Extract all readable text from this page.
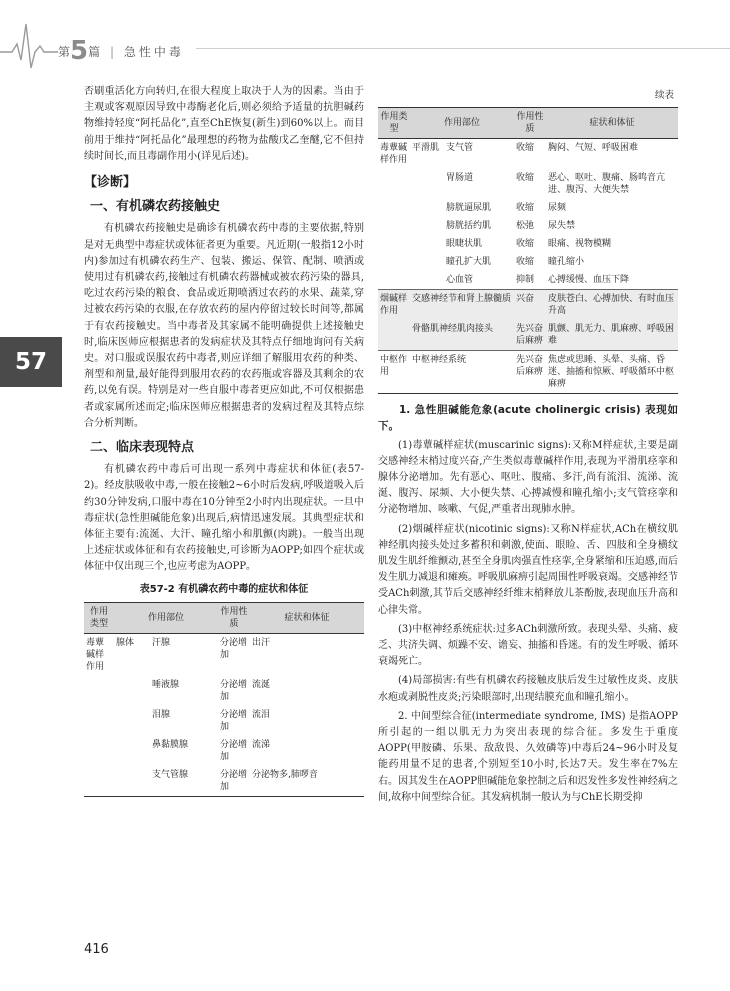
第5篇 | 急性中毒
57

否刷重活化方向转归,在很大程度上取决于人为的因素。当由于主观或客观原因导致中毒酶老化后,则必须给予适量的抗胆碱药物维持轻度“阿托品化”,直至ChE恢复(新生)到60%以上。而目前用于维持“阿托品化”最理想的药物为盐酸戊乙奎醚,它不但持续时间长,而且毒副作用小(详见后述)。

【诊断】
一、有机磷农药接触史

有机磷农药接触史是确诊有机磷农药中毒的主要依据,特别是对无典型中毒症状或体征者更为重要。凡近期(一般指12小时内)参加过有机磷农药生产、包装、搬运、保管、配制、喷洒或使用过有机磷农药,接触过有机磷农药器械或被农药污染的器具,吃过农药污染的粮食、食品或近期喷洒过农药的水果、蔬菜,穿过被农药污染的衣服,在存放农药的屋内停留过较长时间等,都属于有农药接触史。当中毒者及其家属不能明确提供上述接触史时,临床医师应根据患者的发病症状及其特点仔细地询问有关病史。对口服或误服农药中毒者,则应详细了解服用农药的种类、剂型和剂量,最好能得到服用农药的农药瓶或容器及其剩余的农药,以免有误。特别是对一些自服中毒者更应如此,不可仅根据患者或家属所述而定;临床医师应根据患者的发病过程及其特点综合分析判断。

二、临床表现特点

有机磷农药中毒后可出现一系列中毒症状和体征(表57-2)。经皮肤吸收中毒,一般在接触2~6小时后发病,呼吸道吸入后约30分钟发病,口服中毒在10分钟至2小时内出现症状。一旦中毒症状(急性胆碱能危象)出现后,病情迅速发展。其典型症状和体征主要有:流涎、大汗、瞳孔缩小和肌颤(肉跳)。一般当出现上述症状或体征和有农药接触史,可诊断为AOPP;如四个症状或体征中仅出现三个,也应考虑为AOPP。

表57-2 有机磷农药中毒的症状和体征
作用类型	作用部位		作用性质	症状和体征
毒蕈碱样作用	腺体	汗腺	分泌增加	出汗
		唾液腺	分泌增加	流涎
		泪腺	分泌增加	流泪
		鼻黏膜腺	分泌增加	流涕
		支气管腺	分泌增加	分泌物多,肺啰音
续表
作用类型	作用部位		作用性质	症状和体征
毒蕈碱样作用	平滑肌	支气管	收缩	胸闷、气短、呼吸困难
		胃肠道	收缩	恶心、呕吐、腹痛、肠鸣音亢进、腹泻、大便失禁
		膀胱逼尿肌	收缩	尿频
		膀胱括约肌	松弛	尿失禁
		眼睫状肌	收缩	眼痛、视物模糊
		瞳孔扩大肌	收缩	瞳孔缩小
		心血管	抑制	心搏缓慢、血压下降
烟碱样作用	交感神经节和肾上腺髓质		兴奋	皮肤苍白、心搏加快、有时血压升高
	骨骼肌神经肌肉接头		先兴奋后麻痹	肌颤、肌无力、肌麻痹、呼吸困难
中枢作用	中枢神经系统		先兴奋后麻痹	焦虑或思睡、头晕、头痛、昏迷、抽搐和惊厥、呼吸循环中枢麻痹

1. 急性胆碱能危象(acute cholinergic crisis) 表现如下。

(1)毒蕈碱样症状(muscarinic signs):又称M样症状,主要是副交感神经末梢过度兴奋,产生类似毒蕈碱样作用,表现为平滑肌痉挛和腺体分泌增加。先有恶心、呕吐、腹痛、多汗,尚有流泪、流涕、流涎、腹泻、尿频、大小便失禁、心搏减慢和瞳孔缩小;支气管痉挛和分泌物增加、咳嗽、气促,严重者出现肺水肿。

(2)烟碱样症状(nicotinic signs):又称N样症状,ACh在横纹肌神经肌肉接头处过多蓄积和刺激,使面、眼睑、舌、四肢和全身横纹肌发生肌纤维颤动,甚至全身肌肉强直性痉挛,全身紧缩和压迫感,而后发生肌力减退和瘫痪。呼吸肌麻痹引起周围性呼吸衰竭。交感神经节受ACh刺激,其节后交感神经纤维末梢释放儿茶酚胺,表现血压升高和心律失常。

(3)中枢神经系统症状:过多ACh刺激所致。表现头晕、头痛、疲乏、共济失调、烦躁不安、谵妄、抽搐和昏迷。有的发生呼吸、循环衰竭死亡。

(4)局部损害:有些有机磷农药接触皮肤后发生过敏性皮炎、皮肤水疱或剥脱性皮炎;污染眼部时,出现结膜充血和瞳孔缩小。

2. 中间型综合征(intermediate syndrome, IMS) 是指AOPP所引起的一组以肌无力为突出表现的综合征。多发生于重度AOPP(甲胺磷、乐果、敌敌畏、久效磷等)中毒后24~96小时及复能药用量不足的患者,个别短至10小时,长达7天。发生率在7%左右。因其发生在AOPP胆碱能危象控制之后和迟发性多发性神经病之间,故称中间型综合征。其发病机制一般认为与ChE长期受抑

416
